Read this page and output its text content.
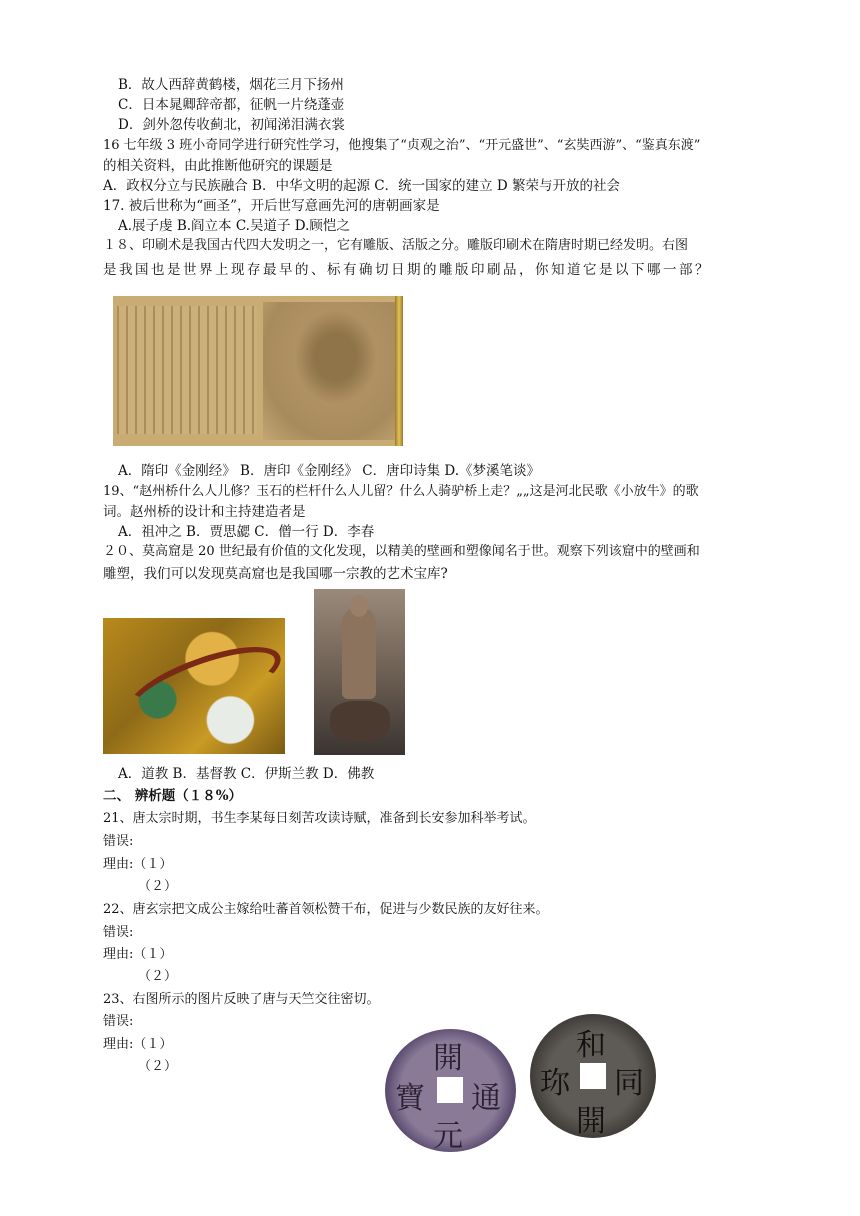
B．故人西辞黄鹤楼，烟花三月下扬州
C．日本晁卿辞帝都，征帆一片绕蓬壶
D．剑外忽传收蓟北，初闻涕泪满衣裳
16 七年级 3 班小奇同学进行研究性学习，他搜集了“贞观之治”、“开元盛世”、“玄奘西游”、“鉴真东渡”
的相关资料，由此推断他研究的课题是
A．政权分立与民族融合 B．中华文明的起源 C．统一国家的建立 D 繁荣与开放的社会
17. 被后世称为“画圣”，开后世写意画先河的唐朝画家是
A.展子虔 B.阎立本 C.吴道子 D.顾恺之
１８、印刷术是我国古代四大发明之一，它有雕版、活版之分。雕版印刷术在隋唐时期已经发明。右图
是我国也是世界上现存最早的、标有确切日期的雕版印刷品，你知道它是以下哪一部？
A．隋印《金刚经》 B．唐印《金刚经》 C．唐印诗集 D.《梦溪笔谈》
19、“赵州桥什么人儿修？玉石的栏杆什么人儿留？什么人骑驴桥上走？„„这是河北民歌《小放牛》的歌
词。赵州桥的设计和主持建造者是
A．祖冲之 B．贾思勰 C．僧一行 D．李春
２０、莫高窟是 20 世纪最有价值的文化发现，以精美的壁画和塑像闻名于世。观察下列该窟中的壁画和
雕塑，我们可以发现莫高窟也是我国哪一宗教的艺术宝库?
A．道教 B．基督教 C．伊斯兰教 D．佛教
二、 辨析题（１８%）
21、唐太宗时期，书生李某每日刻苦攻读诗赋，准备到长安参加科举考试。
错误:
理由:（１）
（２）
22、唐玄宗把文成公主嫁给吐蕃首领松赞干布，促进与少数民族的友好往来。
错误:
理由:（１）
（２）
23、右图所示的图片反映了唐与天竺交往密切。
错误:
理由:（１）
（２）	開
通
元
寶
和
同
開
珎
